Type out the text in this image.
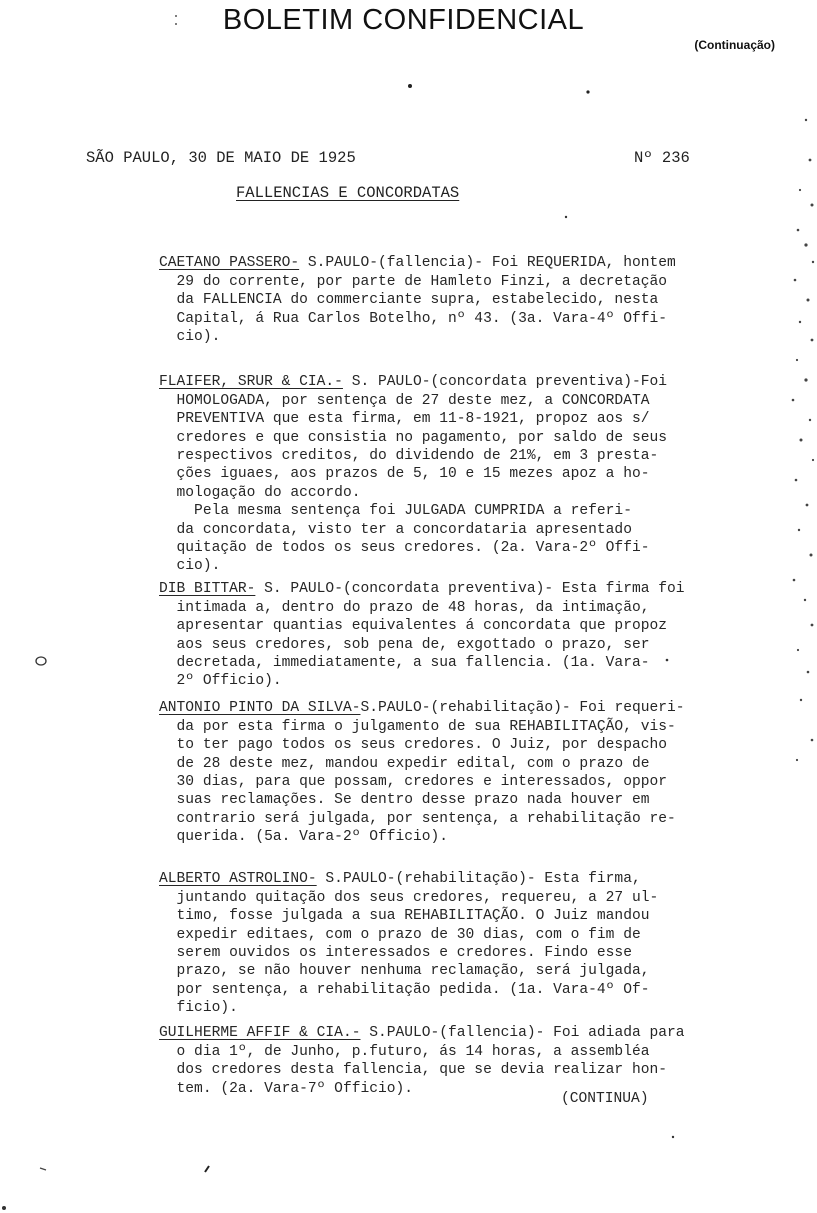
BOLETIM CONFIDENCIAL
(Continuação)
SÃO PAULO, 30 DE MAIO DE 1925	Nº 236
FALLENCIAS E CONCORDATAS

CAETANO PASSERO- S.PAULO-(fallencia)- Foi REQUERIDA, hontem
29 do corrente, por parte de Hamleto Finzi, a decretação
da FALLENCIA do commerciante supra, estabelecido, nesta
Capital, á Rua Carlos Botelho, nº 43. (3a. Vara-4º Offi-
cio).

FLAIFER, SRUR & CIA.- S. PAULO-(concordata preventiva)-Foi
HOMOLOGADA, por sentença de 27 deste mez, a CONCORDATA
PREVENTIVA que esta firma, em 11-8-1921, propoz aos s/
credores e que consistia no pagamento, por saldo de seus
respectivos creditos, do dividendo de 21%, em 3 presta-
ções iguaes, aos prazos de 5, 10 e 15 mezes apoz a ho-
mologação do accordo.
Pela mesma sentença foi JULGADA CUMPRIDA a referi-
da concordata, visto ter a concordataria apresentado
quitação de todos os seus credores. (2a. Vara-2º Offi-
cio).

DIB BITTAR- S. PAULO-(concordata preventiva)- Esta firma foi
intimada a, dentro do prazo de 48 horas, da intimação,
apresentar quantias equivalentes á concordata que propoz
aos seus credores, sob pena de, exgottado o prazo, ser
decretada, immediatamente, a sua fallencia. (1a. Vara-
2º Officio).

ANTONIO PINTO DA SILVA-S.PAULO-(rehabilitação)- Foi requeri-
da por esta firma o julgamento de sua REHABILITAÇÃO, vis-
to ter pago todos os seus credores. O Juiz, por despacho
de 28 deste mez, mandou expedir edital, com o prazo de
30 dias, para que possam, credores e interessados, oppor
suas reclamações. Se dentro desse prazo nada houver em
contrario será julgada, por sentença, a rehabilitação re-
querida. (5a. Vara-2º Officio).

ALBERTO ASTROLINO- S.PAULO-(rehabilitação)- Esta firma,
juntando quitação dos seus credores, requereu, a 27 ul-
timo, fosse julgada a sua REHABILITAÇÃO. O Juiz mandou
expedir editaes, com o prazo de 30 dias, com o fim de
serem ouvidos os interessados e credores. Findo esse
prazo, se não houver nenhuma reclamação, será julgada,
por sentença, a rehabilitação pedida. (1a. Vara-4º Of-
ficio).

GUILHERME AFFIF & CIA.- S.PAULO-(fallencia)- Foi adiada para
o dia 1º, de Junho, p.futuro, ás 14 horas, a assembléa
dos credores desta fallencia, que se devia realizar hon-
tem. (2a. Vara-7º Officio).
(CONTINUA)
